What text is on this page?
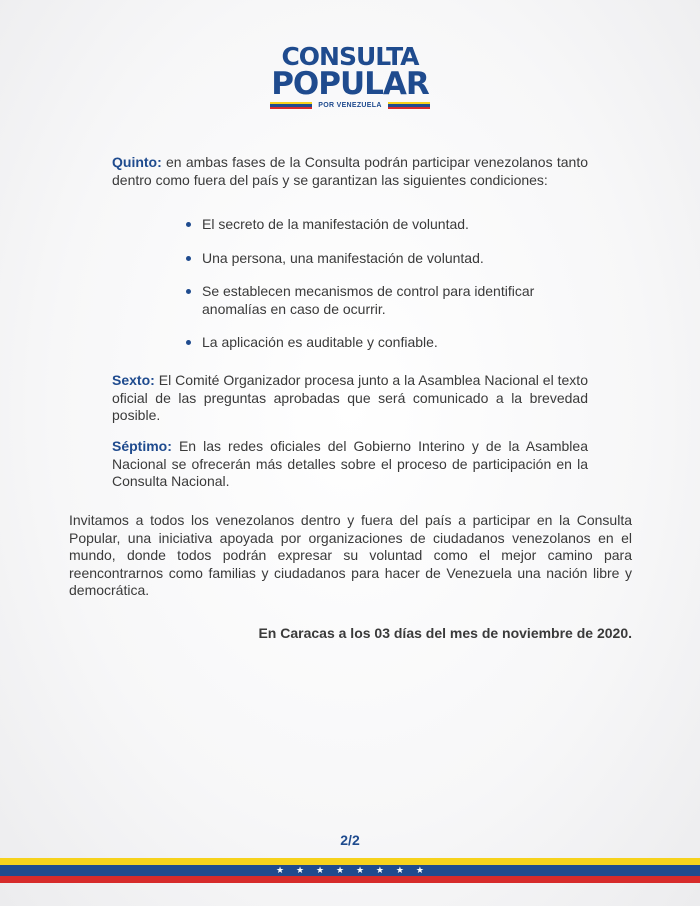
CONSULTA
POPULAR
POR VENEZUELA
Quinto: en ambas fases de la Consulta podrán participar venezolanos tanto dentro como fuera del país y se garantizan las siguientes condiciones:
El secreto de la manifestación de voluntad.
Una persona, una manifestación de voluntad.
Se establecen mecanismos de control para identificar anomalías en caso de ocurrir.
La aplicación es auditable y confiable.
Sexto: El Comité Organizador procesa junto a la Asamblea Nacional el texto oficial de las preguntas aprobadas que será comunicado a la brevedad posible.
Séptimo: En las redes oficiales del Gobierno Interino y de la Asamblea Nacional se ofrecerán más detalles sobre el proceso de participación en la Consulta Nacional.
Invitamos a todos los venezolanos dentro y fuera del país a participar en la Consulta Popular, una iniciativa apoyada por organizaciones de ciudadanos venezolanos en el mundo, donde todos podrán expresar su voluntad como el mejor camino para reencontrarnos como familias y ciudadanos para hacer de Venezuela una nación libre y democrática.
En Caracas a los 03 días del mes de noviembre de 2020.
2/2
★ ★ ★ ★ ★ ★ ★ ★
